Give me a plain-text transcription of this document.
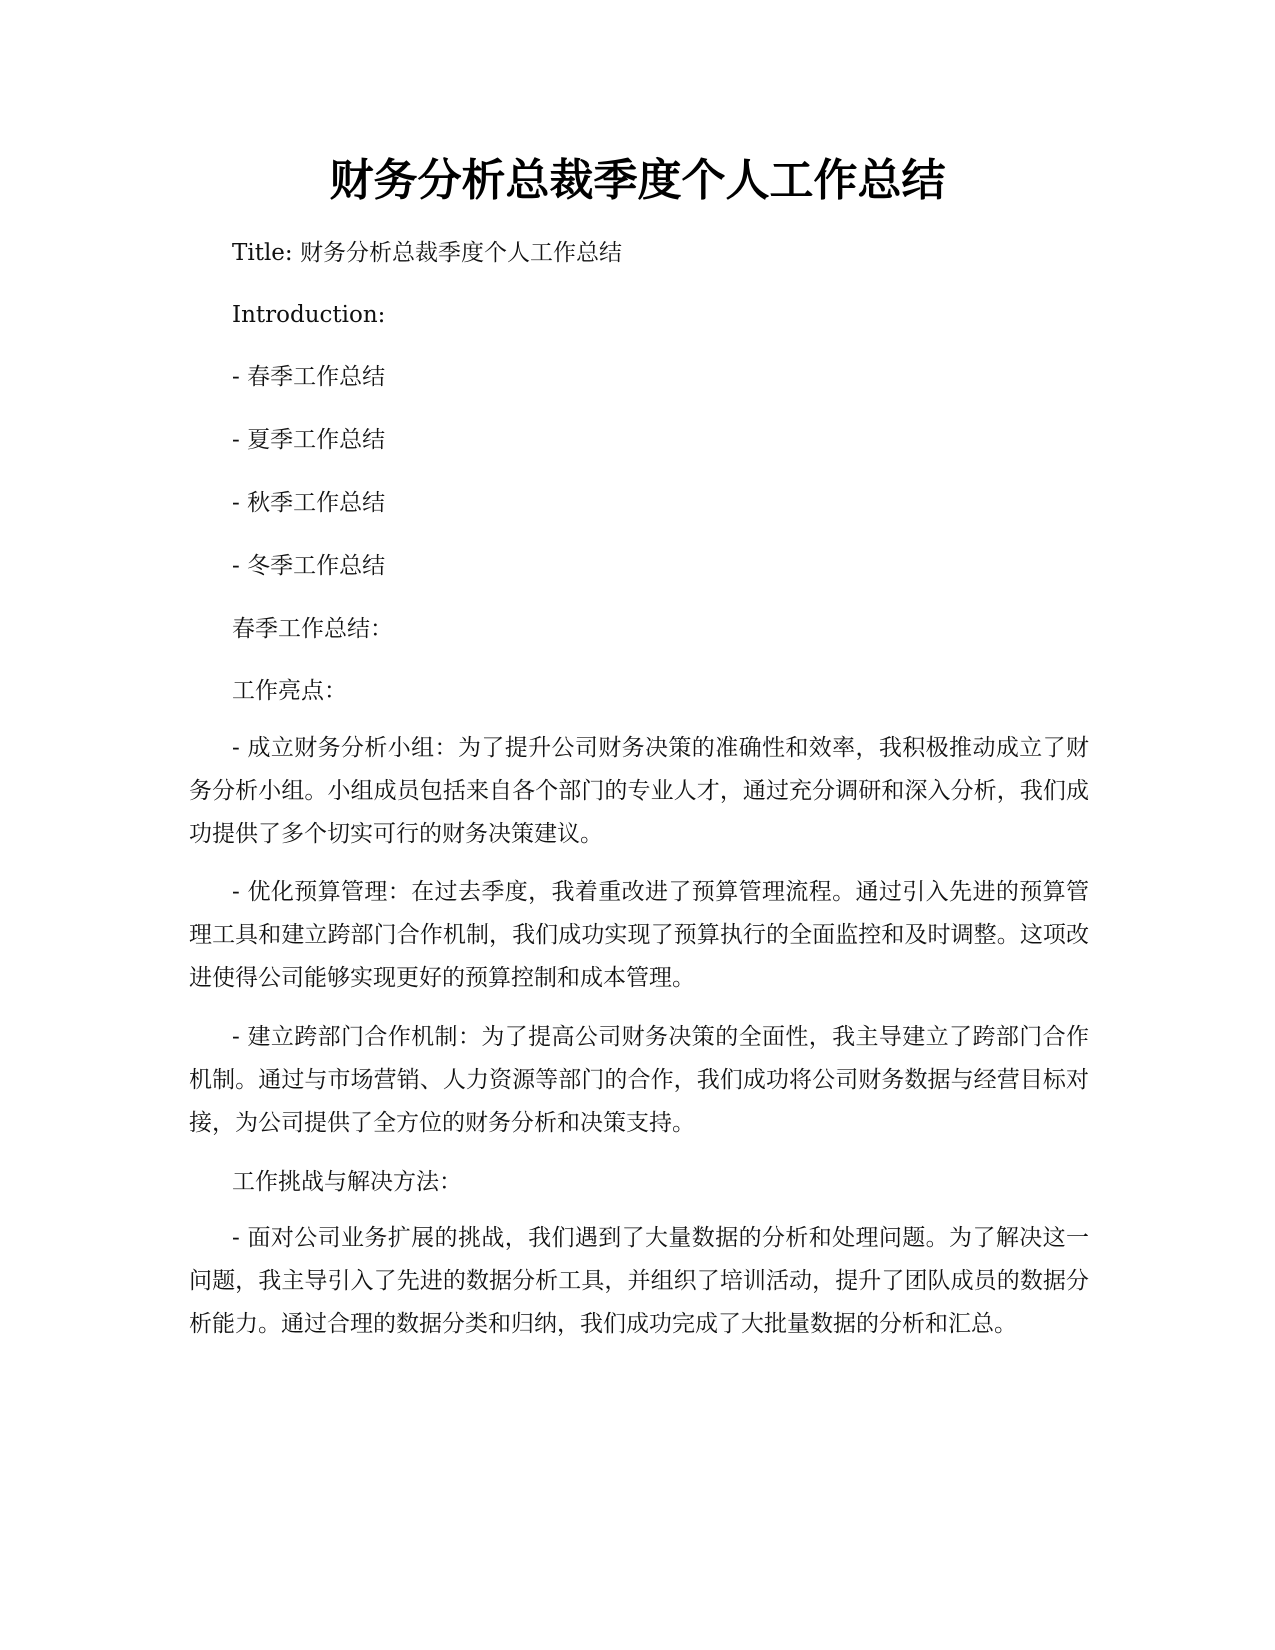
财务分析总裁季度个人工作总结

Title: 财务分析总裁季度个人工作总结

Introduction:

- 春季工作总结

- 夏季工作总结

- 秋季工作总结

- 冬季工作总结

春季工作总结：

工作亮点：

- 成立财务分析小组：为了提升公司财务决策的准确性和效率，我积极推动成立了财务分析小组。小组成员包括来自各个部门的专业人才，通过充分调研和深入分析，我们成功提供了多个切实可行的财务决策建议。

- 优化预算管理：在过去季度，我着重改进了预算管理流程。通过引入先进的预算管理工具和建立跨部门合作机制，我们成功实现了预算执行的全面监控和及时调整。这项改进使得公司能够实现更好的预算控制和成本管理。

- 建立跨部门合作机制：为了提高公司财务决策的全面性，我主导建立了跨部门合作机制。通过与市场营销、人力资源等部门的合作，我们成功将公司财务数据与经营目标对接，为公司提供了全方位的财务分析和决策支持。

工作挑战与解决方法：

- 面对公司业务扩展的挑战，我们遇到了大量数据的分析和处理问题。为了解决这一问题，我主导引入了先进的数据分析工具，并组织了培训活动，提升了团队成员的数据分析能力。通过合理的数据分类和归纳，我们成功完成了大批量数据的分析和汇总。
